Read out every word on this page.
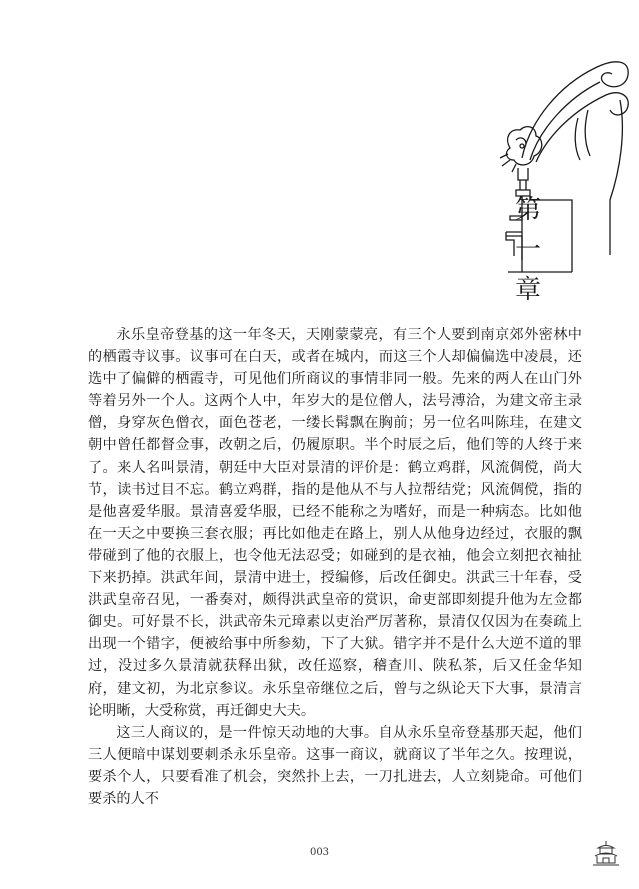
第
一
章

永乐皇帝登基的这一年冬天，天刚蒙蒙亮，有三个人要到南京郊外密林中的栖霞寺议事。议事可在白天，或者在城内，而这三个人却偏偏选中凌晨，还选中了偏僻的栖霞寺，可见他们所商议的事情非同一般。先来的两人在山门外等着另外一个人。这两个人中，年岁大的是位僧人，法号溥洽，为建文帝主录僧，身穿灰色僧衣，面色苍老，一缕长髯飘在胸前；另一位名叫陈珪，在建文朝中曾任都督佥事，改朝之后，仍履原职。半个时辰之后，他们等的人终于来了。来人名叫景清，朝廷中大臣对景清的评价是：鹤立鸡群，风流倜傥，尚大节，读书过目不忘。鹤立鸡群，指的是他从不与人拉帮结党；风流倜傥，指的是他喜爱华服。景清喜爱华服，已经不能称之为嗜好，而是一种病态。比如他在一天之中要换三套衣服；再比如他走在路上，别人从他身边经过，衣服的飘带碰到了他的衣服上，也令他无法忍受；如碰到的是衣袖，他会立刻把衣袖扯下来扔掉。洪武年间，景清中进士，授编修，后改任御史。洪武三十年春，受洪武皇帝召见，一番奏对，颇得洪武皇帝的赏识，命吏部即刻提升他为左佥都御史。可好景不长，洪武帝朱元璋素以吏治严厉著称，景清仅仅因为在奏疏上出现一个错字，便被给事中所参劾，下了大狱。错字并不是什么大逆不道的罪过，没过多久景清就获释出狱，改任巡察，稽查川、陕私茶，后又任金华知府，建文初，为北京参议。永乐皇帝继位之后，曾与之纵论天下大事，景清言论明晰，大受称赏，再迁御史大夫。

这三人商议的，是一件惊天动地的大事。自从永乐皇帝登基那天起，他们三人便暗中谋划要刺杀永乐皇帝。这事一商议，就商议了半年之久。按理说，要杀个人，只要看准了机会，突然扑上去，一刀扎进去，人立刻毙命。可他们要杀的人不

003
